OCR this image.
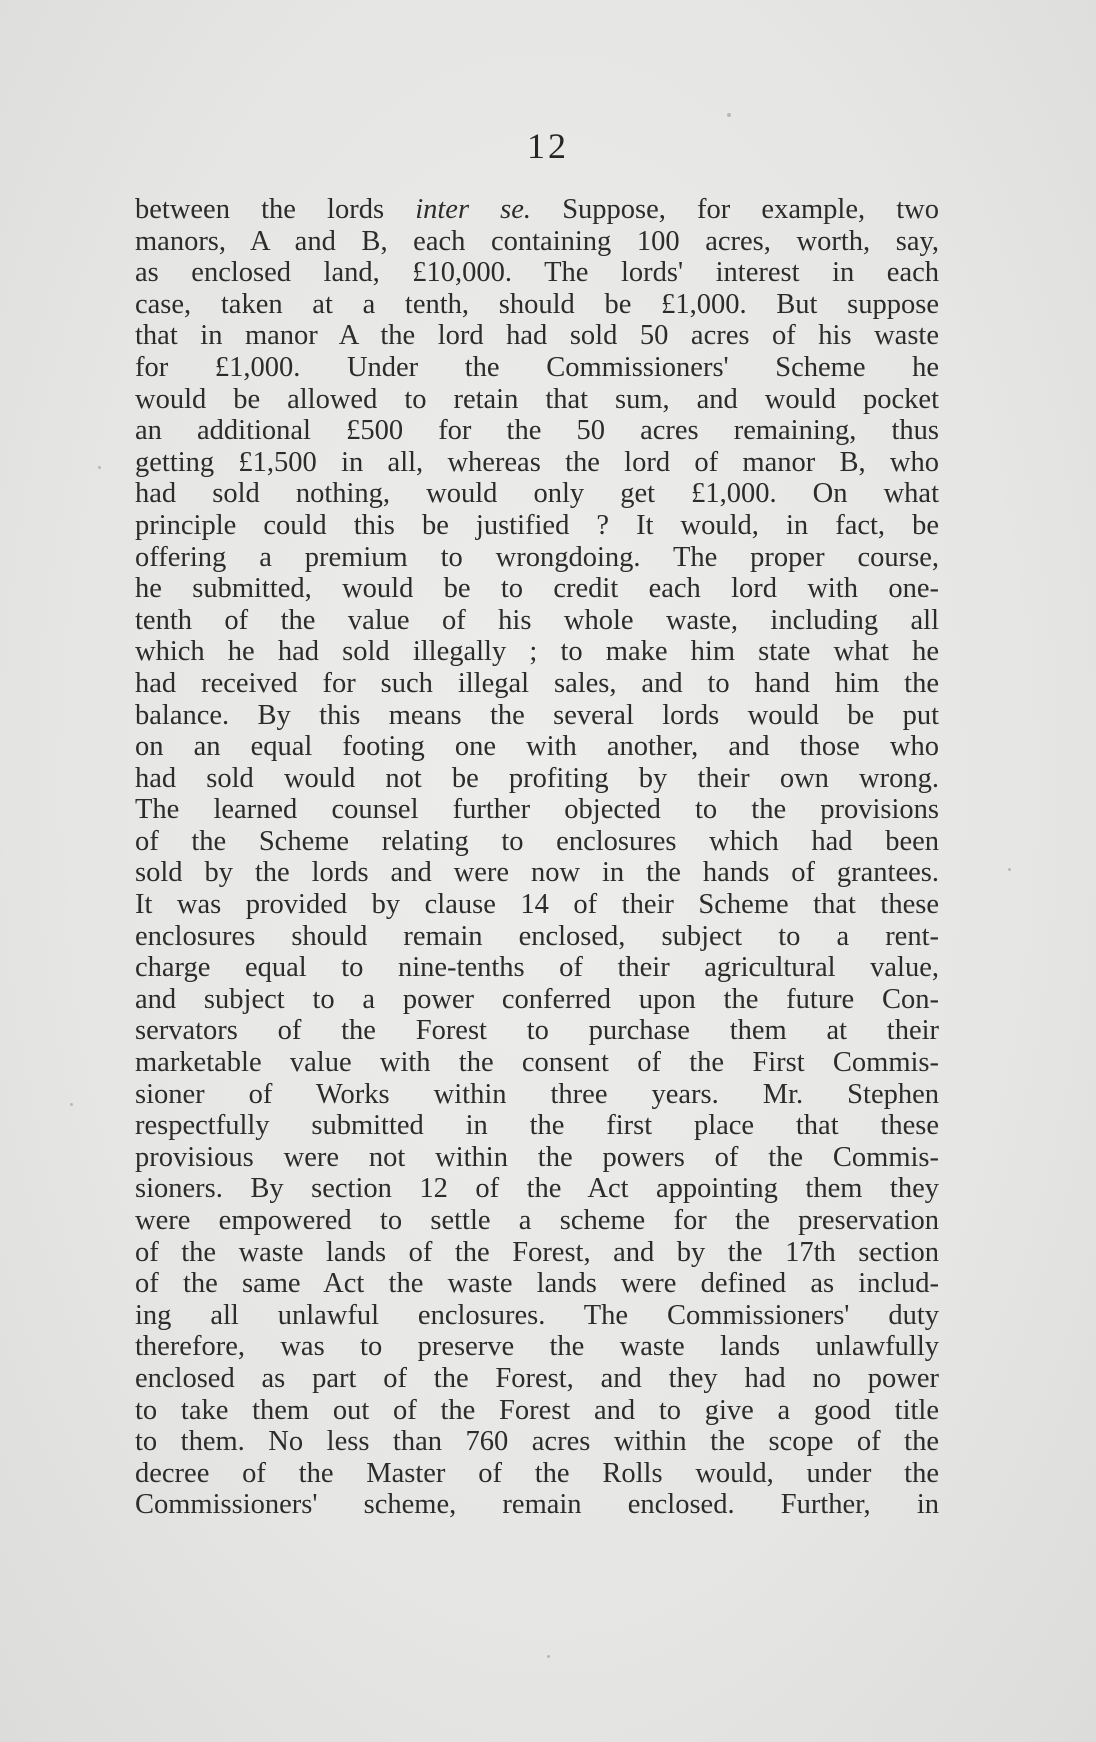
12
between the lords inter se. Suppose, for example, two
manors, A and B, each containing 100 acres, worth, say,
as enclosed land, £10,000. The lords' interest in each
case, taken at a tenth, should be £1,000. But suppose
that in manor A the lord had sold 50 acres of his waste
for £1,000. Under the Commissioners' Scheme he
would be allowed to retain that sum, and would pocket
an additional £500 for the 50 acres remaining, thus
getting £1,500 in all, whereas the lord of manor B, who
had sold nothing, would only get £1,000. On what
principle could this be justified ? It would, in fact, be
offering a premium to wrongdoing. The proper course,
he submitted, would be to credit each lord with one-
tenth of the value of his whole waste, including all
which he had sold illegally ; to make him state what he
had received for such illegal sales, and to hand him the
balance. By this means the several lords would be put
on an equal footing one with another, and those who
had sold would not be profiting by their own wrong.
The learned counsel further objected to the provisions
of the Scheme relating to enclosures which had been
sold by the lords and were now in the hands of grantees.
It was provided by clause 14 of their Scheme that these
enclosures should remain enclosed, subject to a rent-
charge equal to nine-tenths of their agricultural value,
and subject to a power conferred upon the future Con-
servators of the Forest to purchase them at their
marketable value with the consent of the First Commis-
sioner of Works within three years. Mr. Stephen
respectfully submitted in the first place that these
provisious were not within the powers of the Commis-
sioners. By section 12 of the Act appointing them they
were empowered to settle a scheme for the preservation
of the waste lands of the Forest, and by the 17th section
of the same Act the waste lands were defined as includ-
ing all unlawful enclosures. The Commissioners' duty
therefore, was to preserve the waste lands unlawfully
enclosed as part of the Forest, and they had no power
to take them out of the Forest and to give a good title
to them. No less than 760 acres within the scope of the
decree of the Master of the Rolls would, under the
Commissioners' scheme, remain enclosed. Further, in
